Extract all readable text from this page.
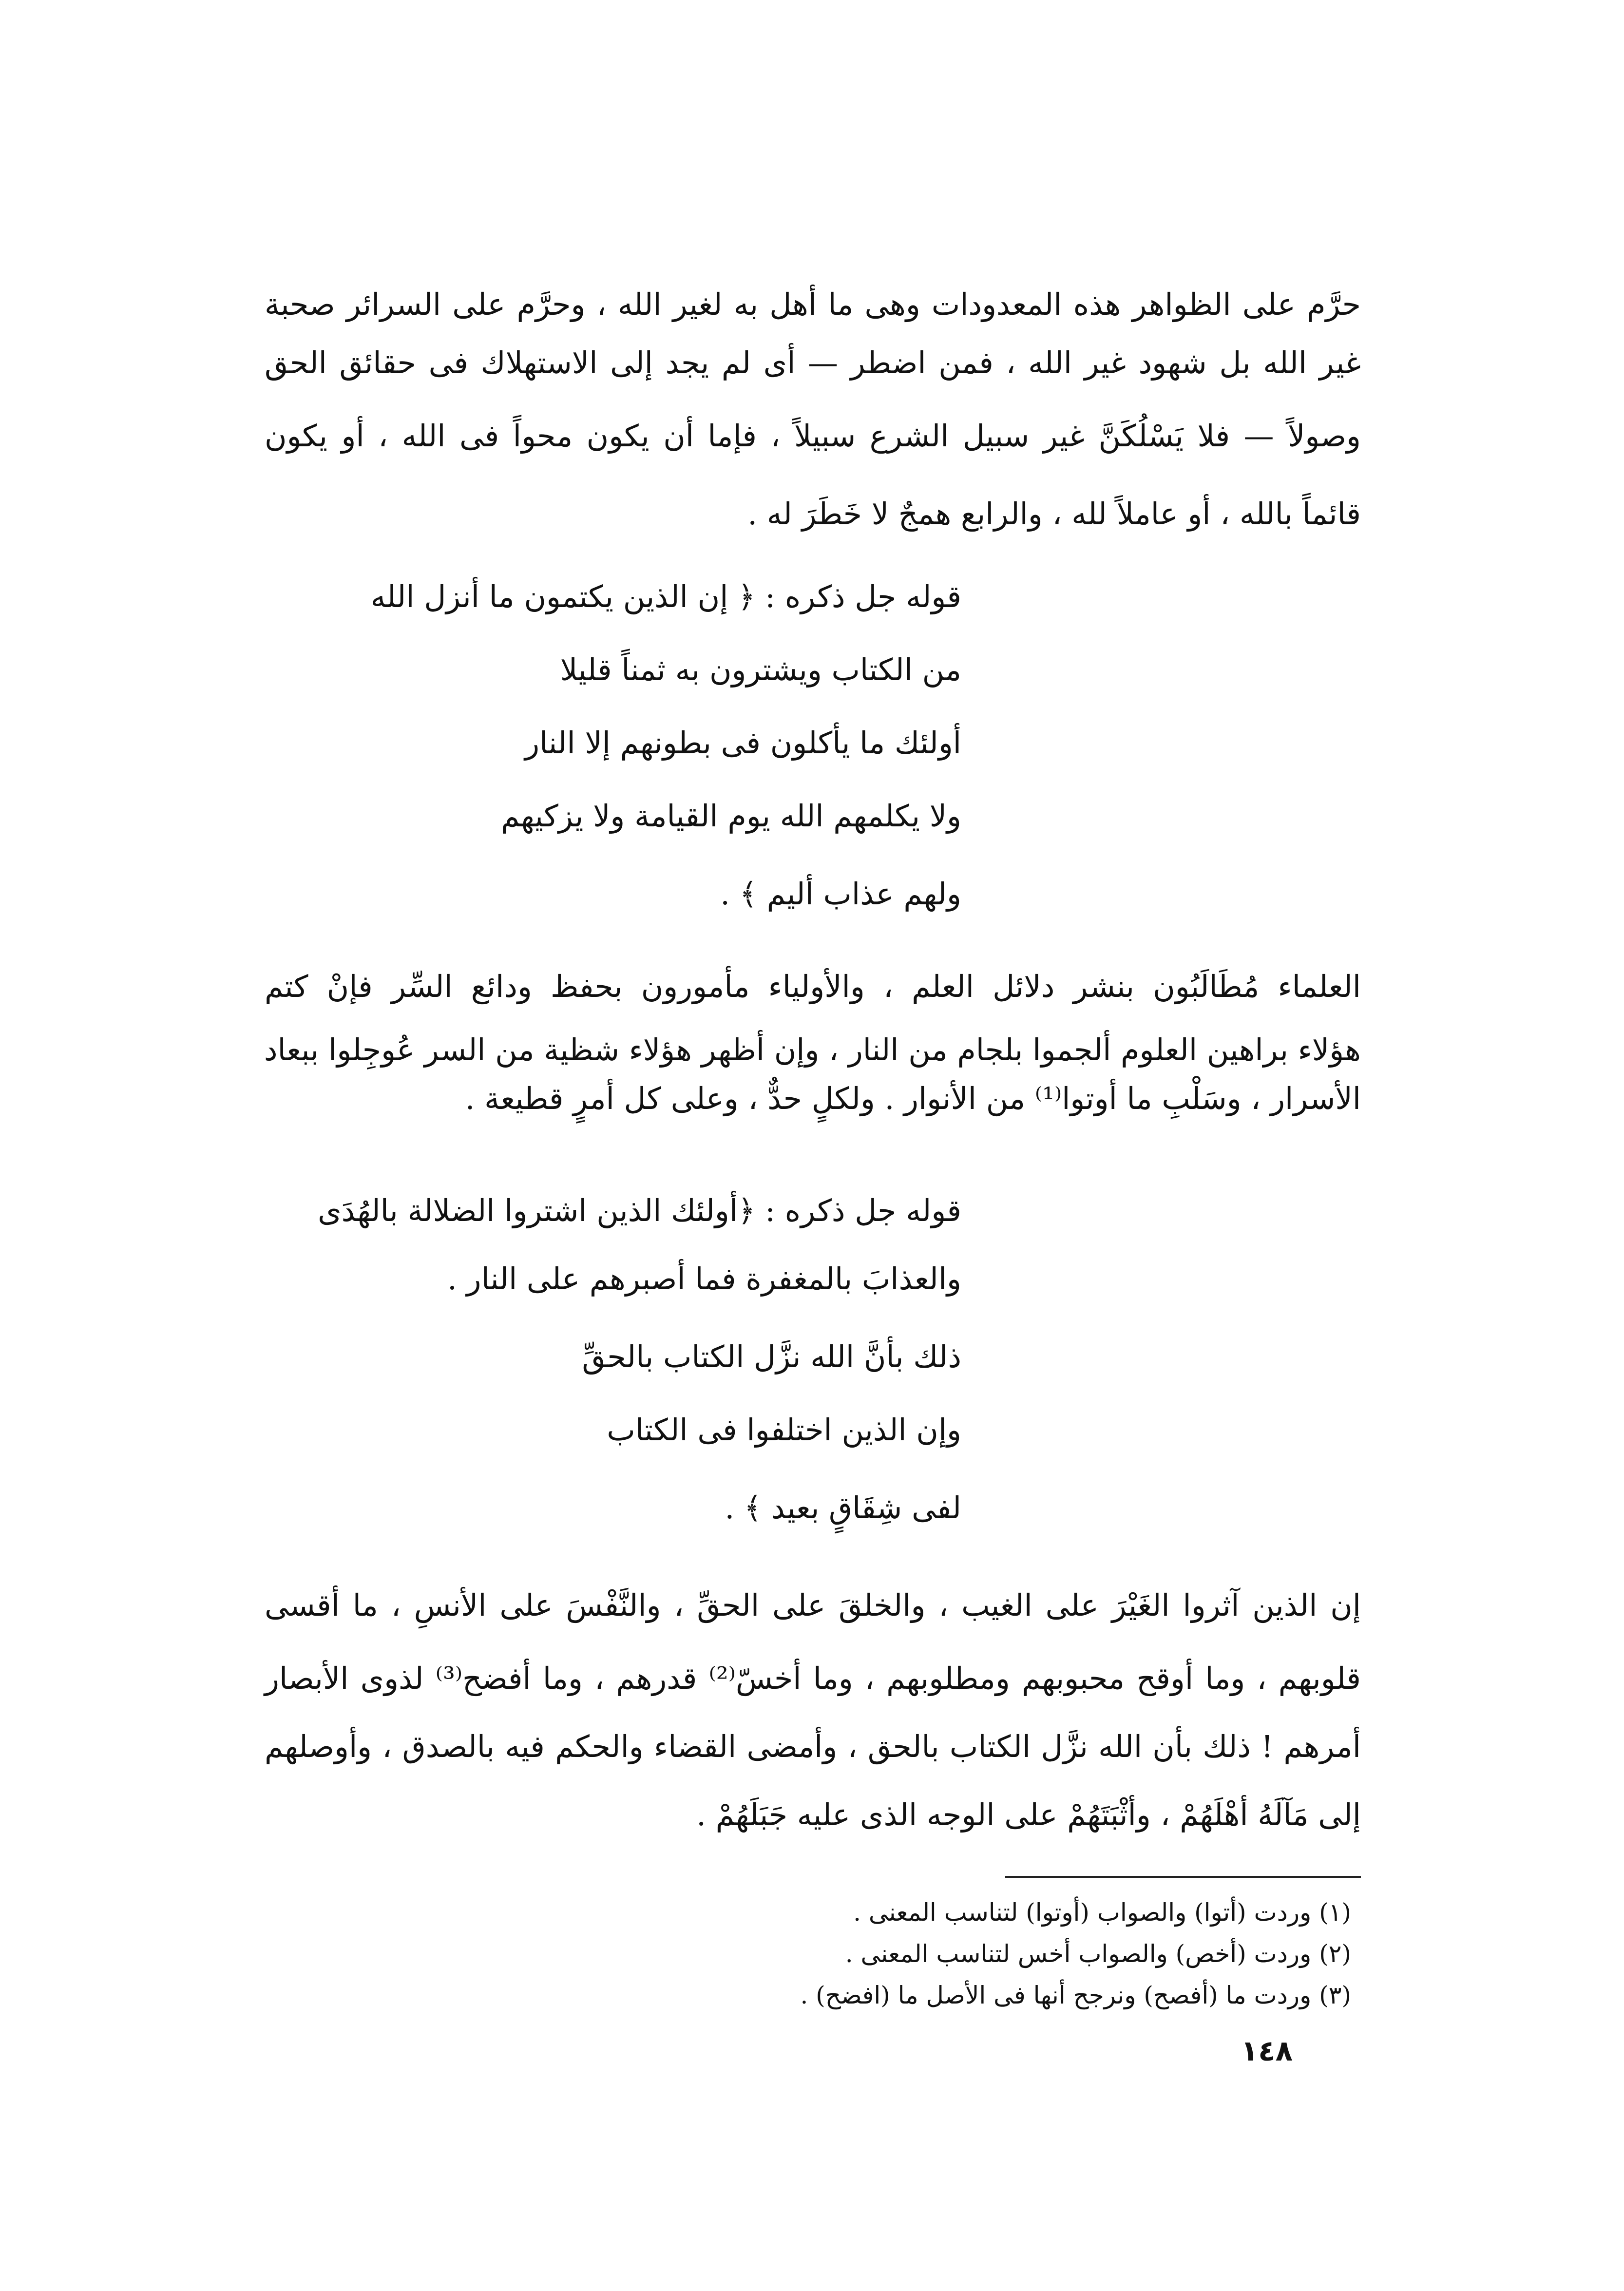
حرَّم على الظواهر هذه المعدودات وهى ما أهل به لغير الله ، وحرَّم على السرائر صحبة
غير الله بل شهود غير الله ، فمن اضطر — أى لم يجد إلى الاستهلاك فى حقائق الحق
وصولاً — فلا يَسْلُكَنَّ غير سبيل الشرع سبيلاً ، فإما أن يكون محواً فى الله ، أو يكون
قائماً بالله ، أو عاملاً لله ، والرابع همجٌ لا خَطَرَ له .
قوله جل ذكره : ﴿ إن الذين يكتمون ما أنزل الله
من الكتاب ويشترون به ثمناً قليلا
أولئك ما يأكلون فى بطونهم إلا النار
ولا يكلمهم الله يوم القيامة ولا يزكيهم
ولهم عذاب أليم ﴾ .
العلماء مُطَالَبُون بنشر دلائل العلم ، والأولياء مأمورون بحفظ ودائع السِّر فإنْ كتم
هؤلاء براهين العلوم ألجموا بلجام من النار ، وإن أظهر هؤلاء شظية من السر عُوجِلوا ببعاد
الأسرار ، وسَلْبِ ما أوتوا⁽¹⁾ من الأنوار . ولكلٍ حدٌّ ، وعلى كل أمرٍ قطيعة .
قوله جل ذكره : ﴿أولئك الذين اشتروا الضلالة بالهُدَى
والعذابَ بالمغفرة فما أصبرهم على النار .
ذلك بأنَّ الله نزَّل الكتاب بالحقِّ
وإن الذين اختلفوا فى الكتاب
لفى شِقَاقٍ بعيد ﴾ .
إن الذين آثروا الغَيْرَ على الغيب ، والخلقَ على الحقِّ ، والنَّفْسَ على الأنسِ ، ما أقسى
قلوبهم ، وما أوقح محبوبهم ومطلوبهم ، وما أخسّ⁽²⁾ قدرهم ، وما أفضح⁽³⁾ لذوى الأبصار
أمرهم ! ذلك بأن الله نزَّل الكتاب بالحق ، وأمضى القضاء والحكم فيه بالصدق ، وأوصلهم
إلى مَآلَهُ أهْلَهُمْ ، وأثْبَتَهُمْ على الوجه الذى عليه جَبَلَهُمْ .
(١) وردت (أتوا) والصواب (أوتوا) لتناسب المعنى .
(٢) وردت (أخص) والصواب أخس لتناسب المعنى .
(٣) وردت ما (أفصح) ونرجح أنها فى الأصل ما (افضح) .
١٤٨
